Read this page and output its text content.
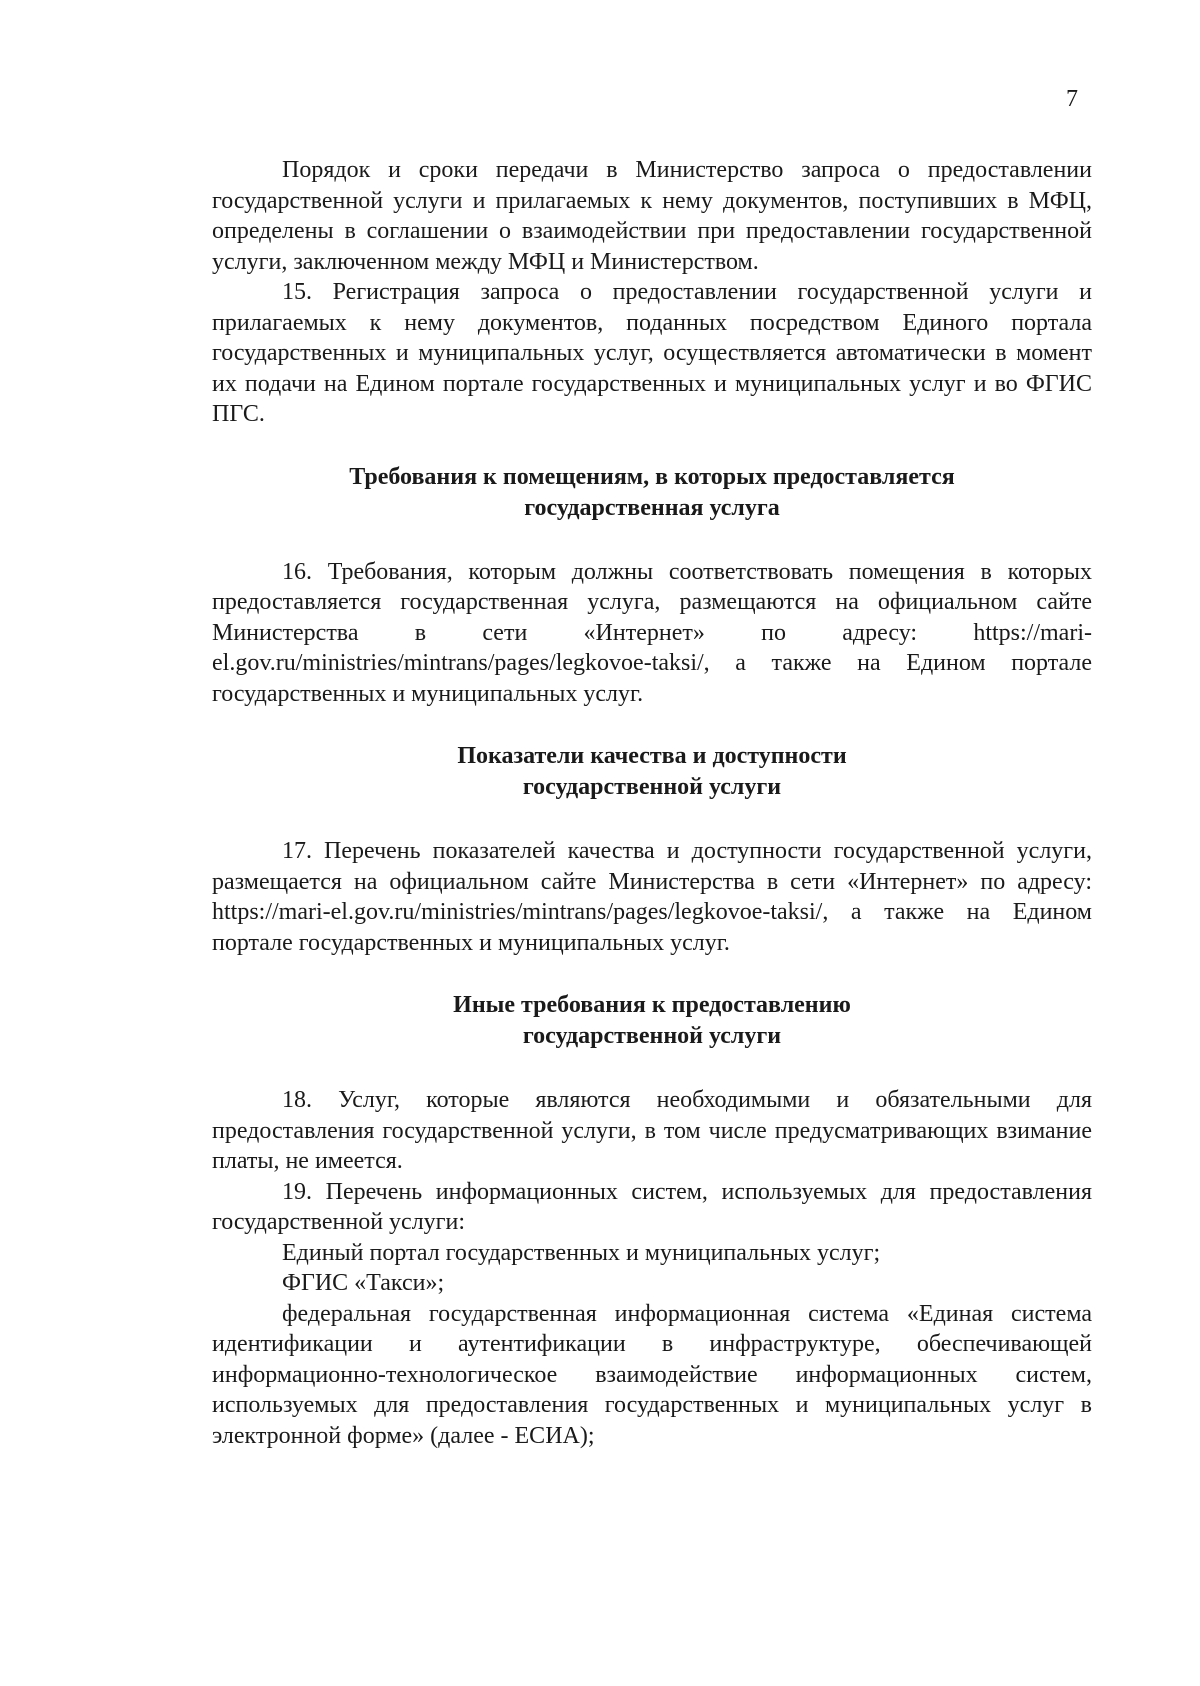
7

Порядок и сроки передачи в Министерство запроса о предоставлении государственной услуги и прилагаемых к нему документов, поступивших в МФЦ, определены в соглашении о взаимодействии при предоставлении государственной услуги, заключенном между МФЦ и Министерством.

15. Регистрация запроса о предоставлении государственной услуги и прилагаемых к нему документов, поданных посредством Единого портала государственных и муниципальных услуг, осуществляется автоматически в момент их подачи на Едином портале государственных и муниципальных услуг и во ФГИС ПГС.

Требования к помещениям, в которых предоставляется
государственная услуга

16. Требования, которым должны соответствовать помещения в которых предоставляется государственная услуга, размещаются на официальном сайте Министерства в сети «Интернет» по адресу: https://mari-el.gov.ru/ministries/mintrans/pages/legkovoe-taksi/, а также на Едином портале государственных и муниципальных услуг.

Показатели качества и доступности
государственной услуги

17. Перечень показателей качества и доступности государственной услуги, размещается на официальном сайте Министерства в сети «Интернет» по адресу: https://mari-el.gov.ru/ministries/mintrans/pages/legkovoe-taksi/, а также на Едином портале государственных и муниципальных услуг.

Иные требования к предоставлению
государственной услуги

18. Услуг, которые являются необходимыми и обязательными для предоставления государственной услуги, в том числе предусматривающих взимание платы, не имеется.

19. Перечень информационных систем, используемых для предоставления государственной услуги:

Единый портал государственных и муниципальных услуг;

ФГИС «Такси»;

федеральная государственная информационная система «Единая система идентификации и аутентификации в инфраструктуре, обеспечивающей информационно-технологическое взаимодействие информационных систем, используемых для предоставления государственных и муниципальных услуг в электронной форме» (далее - ЕСИА);
